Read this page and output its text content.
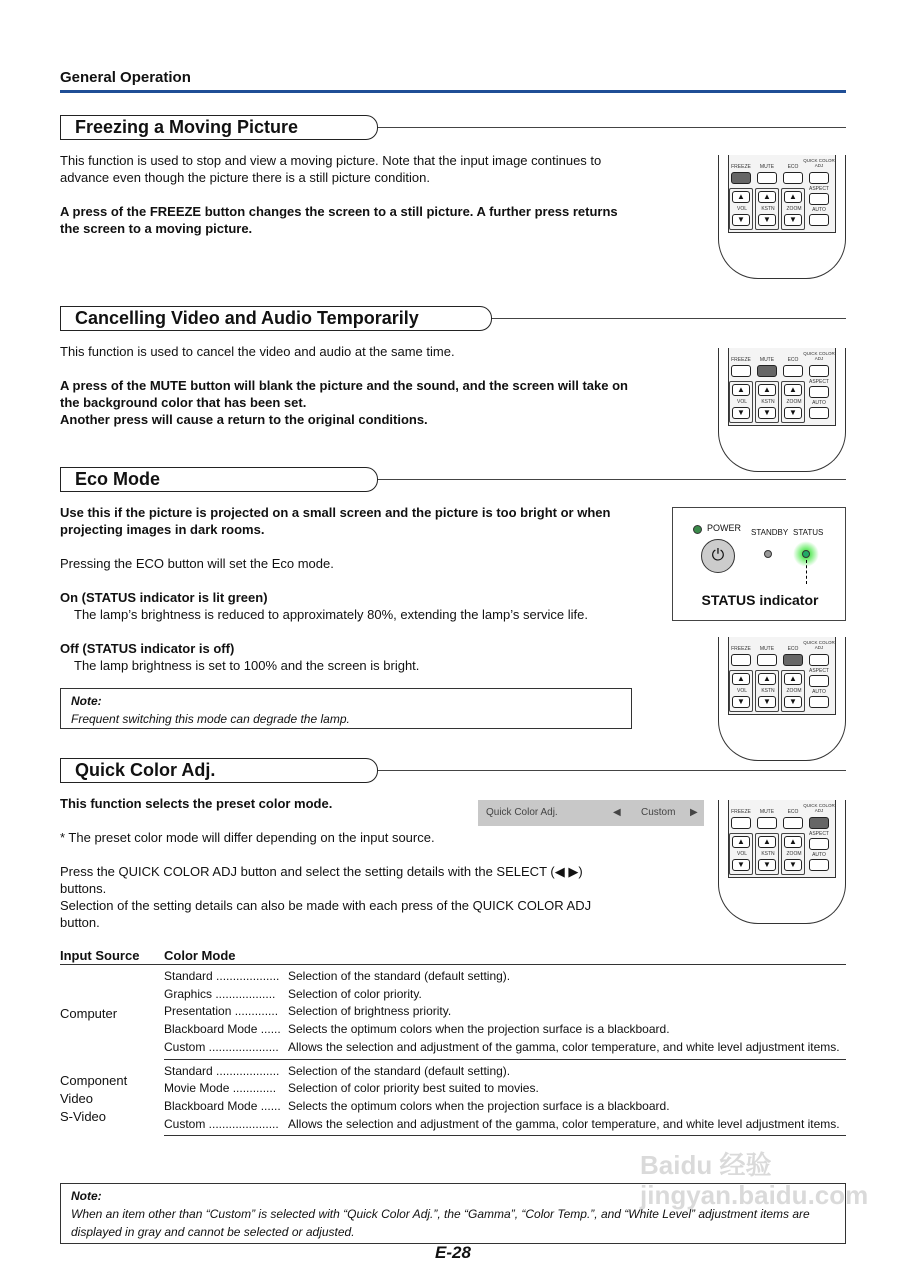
General Operation
Freezing a Moving Picture

This function is used to stop and view a moving picture. Note that the input image continues to advance even though the picture there is a still picture condition.

A press of the FREEZE button changes the screen to a still picture. A further press returns the screen to a moving picture.

FREEZE	MUTE	ECO
QUICK COLOR ADJ
▲
VOL
▼
▲
KSTN
▼
▲
ZOOM
▼
ASPECT
AUTO
Cancelling Video and Audio Temporarily

This function is used to cancel the video and audio at the same time.

A press of the MUTE button will blank the picture and the sound, and the screen will take on the background color that has been set.

Another press will cause a return to the original conditions.

FREEZE	MUTE	ECO
QUICK COLOR ADJ
▲
VOL
▼
▲
KSTN
▼
▲
ZOOM
▼
ASPECT
AUTO
Eco Mode

Use this if the picture is projected on a small screen and the picture is too bright or when projecting images in dark rooms.

Pressing the ECO button will set the Eco mode.

On (STATUS indicator is lit green)

The lamp’s brightness is reduced to approximately 80%, extending the lamp’s service life.

Off (STATUS indicator is off)

The lamp brightness is set to 100% and the screen is bright.

Note:
Frequent switching this mode can degrade the lamp.
POWER
⏻
STANDBY STATUS
STATUS indicator
FREEZE	MUTE	ECO
QUICK COLOR ADJ
▲
VOL
▼
▲
KSTN
▼
▲
ZOOM
▼
ASPECT
AUTO
Quick Color Adj.

This function selects the preset color mode.

* The preset color mode will differ depending on the input source.

Press the QUICK COLOR ADJ button and select the setting details with the SELECT (◀ ▶) buttons.

Selection of the setting details can also be made with each press of the QUICK COLOR ADJ button.

Quick Color Adj.	◀ Custom ▶	FREEZE	MUTE	ECO
QUICK COLOR ADJ
▲
VOL
▼
▲
KSTN
▼
▲
ZOOM
▼
ASPECT
AUTO
Input Source	Color Mode	
Computer	Standard ...................	Selection of the standard (default setting).
	Graphics ..................	Selection of color priority.
	Presentation .............	Selection of brightness priority.
	Blackboard Mode ......	Selects the optimum colors when the projection surface is a blackboard.
	Custom .....................	Allows the selection and adjustment of the gamma, color temperature, and white level adjustment items.
Component
Video
S-Video	Standard ...................	Selection of the standard (default setting).
	Movie Mode .............	Selection of color priority best suited to movies.
	Blackboard Mode ......	Selects the optimum colors when the projection surface is a blackboard.
	Custom .....................	Allows the selection and adjustment of the gamma, color temperature, and white level adjustment items.
Note:
When an item other than “Custom” is selected with “Quick Color Adj.”, the “Gamma”, “Color Temp.”, and “White Level” adjustment items are displayed in gray and cannot be selected or adjusted.
Baidu 经验 jingyan.baidu.com
E-28
